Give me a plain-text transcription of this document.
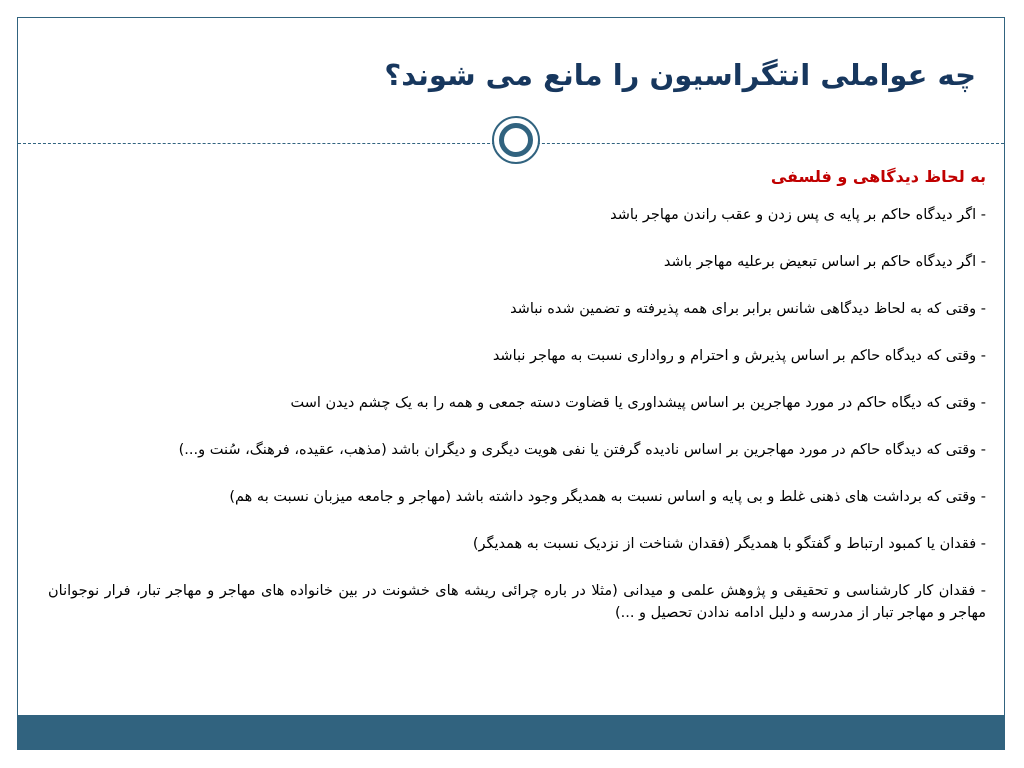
چه عواملی انتگراسیون را مانع می شوند؟

به لحاظ دیدگاهی و فلسفی

- اگر دیدگاه حاکم بر پایه ی پس زدن و عقب راندن مهاجر باشد
- اگر دیدگاه حاکم بر اساس تبعیض برعلیه مهاجر باشد
- وقتی که به لحاظ دیدگاهی شانس برابر برای همه پذیرفته و تضمین شده نباشد
- وقتی که دیدگاه حاکم بر اساس پذیرش و احترام و رواداری نسبت به مهاجر نباشد
- وقتی که دیگاه حاکم در مورد مهاجرین بر اساس پیشداوری یا قضاوت دسته جمعی و همه را به یک چشم دیدن است
- وقتی که دیدگاه حاکم در مورد مهاجرین بر اساس نادیده گرفتن یا نفی هویت دیگری و دیگران باشد (مذهب، عقیده، فرهنگ، سُنت و...)
- وقتی که برداشت های ذهنی غلط و بی پایه و اساس نسبت به همدیگر وجود داشته باشد (مهاجر و جامعه میزبان نسبت به هم)
- فقدان یا کمبود ارتباط و گفتگو با همدیگر (فقدان شناخت از نزدیک نسبت به همدیگر)
- فقدان کار کارشناسی و تحقیقی و پژوهش علمی و میدانی (مثلا در باره چرائی ریشه های خشونت در بین خانواده های مهاجر و مهاجر تبار، فرار نوجوانان مهاجر و مهاجر تبار از مدرسه و دلیل ادامه ندادن تحصیل و ...)
